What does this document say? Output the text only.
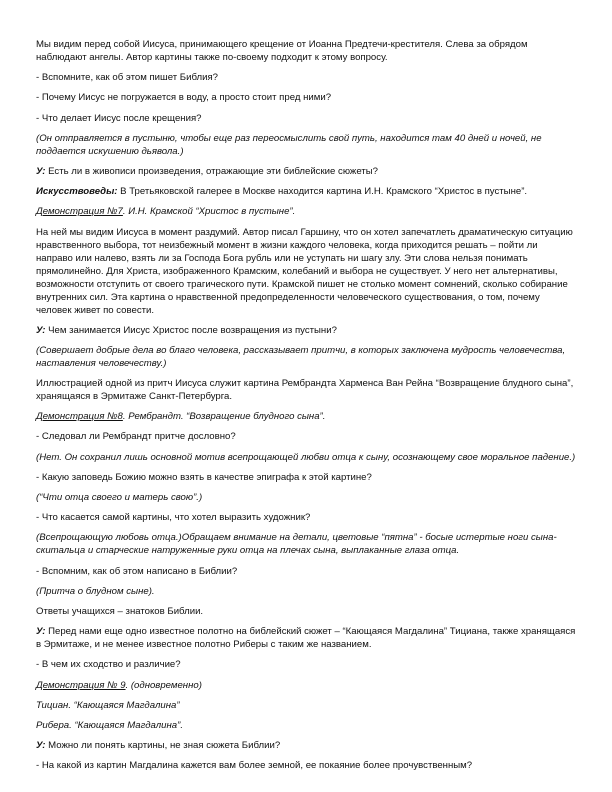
Мы видим перед собой Иисуса, принимающего крещение от Иоанна Предтечи-крестителя. Слева за обрядом наблюдают ангелы. Автор картины также по-своему подходит к этому вопросу.

- Вспомните, как об этом пишет Библия?

- Почему Иисус не погружается в воду, а просто стоит пред ними?

- Что делает Иисус после крещения?

(Он отправляется в пустыню, чтобы еще раз переосмыслить свой путь, находится там 40 дней и ночей, не поддается искушению дьявола.)

У: Есть ли в живописи произведения, отражающие эти библейские сюжеты?

Искусствоведы: В Третьяковской галерее в Москве находится картина И.Н. Крамского “Христос в пустыне”.

Демонстрация №7. И.Н. Крамской “Христос в пустыне”.

На ней мы видим Иисуса в момент раздумий. Автор писал Гаршину, что он хотел запечатлеть драматическую ситуацию нравственного выбора, тот неизбежный момент в жизни каждого человека, когда приходится решать – пойти ли направо или налево, взять ли за Господа Бога рубль или не уступать ни шагу злу. Эти слова нельзя понимать прямолинейно. Для Христа, изображенного Крамским, колебаний и выбора не существует. У него нет альтернативы, возможности отступить от своего трагического пути. Крамской пишет не столько момент сомнений, сколько собирание внутренних сил. Эта картина о нравственной предопределенности человеческого существования, о том, почему человек живет по совести.

У: Чем занимается Иисус Христос после возвращения из пустыни?

(Совершает добрые дела во благо человека, рассказывает притчи, в которых заключена мудрость человечества, наставления человечеству.)

Иллюстрацией одной из притч Иисуса служит картина Рембрандта Харменса Ван Рейна “Возвращение блудного сына”, хранящаяся в Эрмитаже Санкт-Петербурга.

Демонстрация №8. Рембрандт. “Возвращение блудного сына”.

- Следовал ли Рембрандт притче дословно?

(Нет. Он сохранил лишь основной мотив всепрощающей любви отца к сыну, осознающему свое моральное падение.)

- Какую заповедь Божию можно взять в качестве эпиграфа к этой картине?

(“Чти отца своего и матерь свою”.)

- Что касается самой картины, что хотел выразить художник?

(Всепрощающую любовь отца.)Обращаем внимание на детали, цветовые “пятна” - босые истертые ноги сына-скитальца и старческие натруженные руки отца на плечах сына, выплаканные глаза отца.

- Вспомним, как об этом написано в Библии?

(Притча о блудном сыне).

Ответы учащихся – знатоков Библии.

У: Перед нами еще одно известное полотно на библейский сюжет – “Кающаяся Магдалина” Тициана, также хранящаяся в Эрмитаже, и не менее известное полотно Риберы с таким же названием.

- В чем их сходство и различие?

Демонстрация № 9. (одновременно)

Тициан. “Кающаяся Магдалина”

Рибера. “Кающаяся Магдалина”.

У: Можно ли понять картины, не зная сюжета Библии?

- На какой из картин Магдалина кажется вам более земной, ее покаяние более прочувственным?
